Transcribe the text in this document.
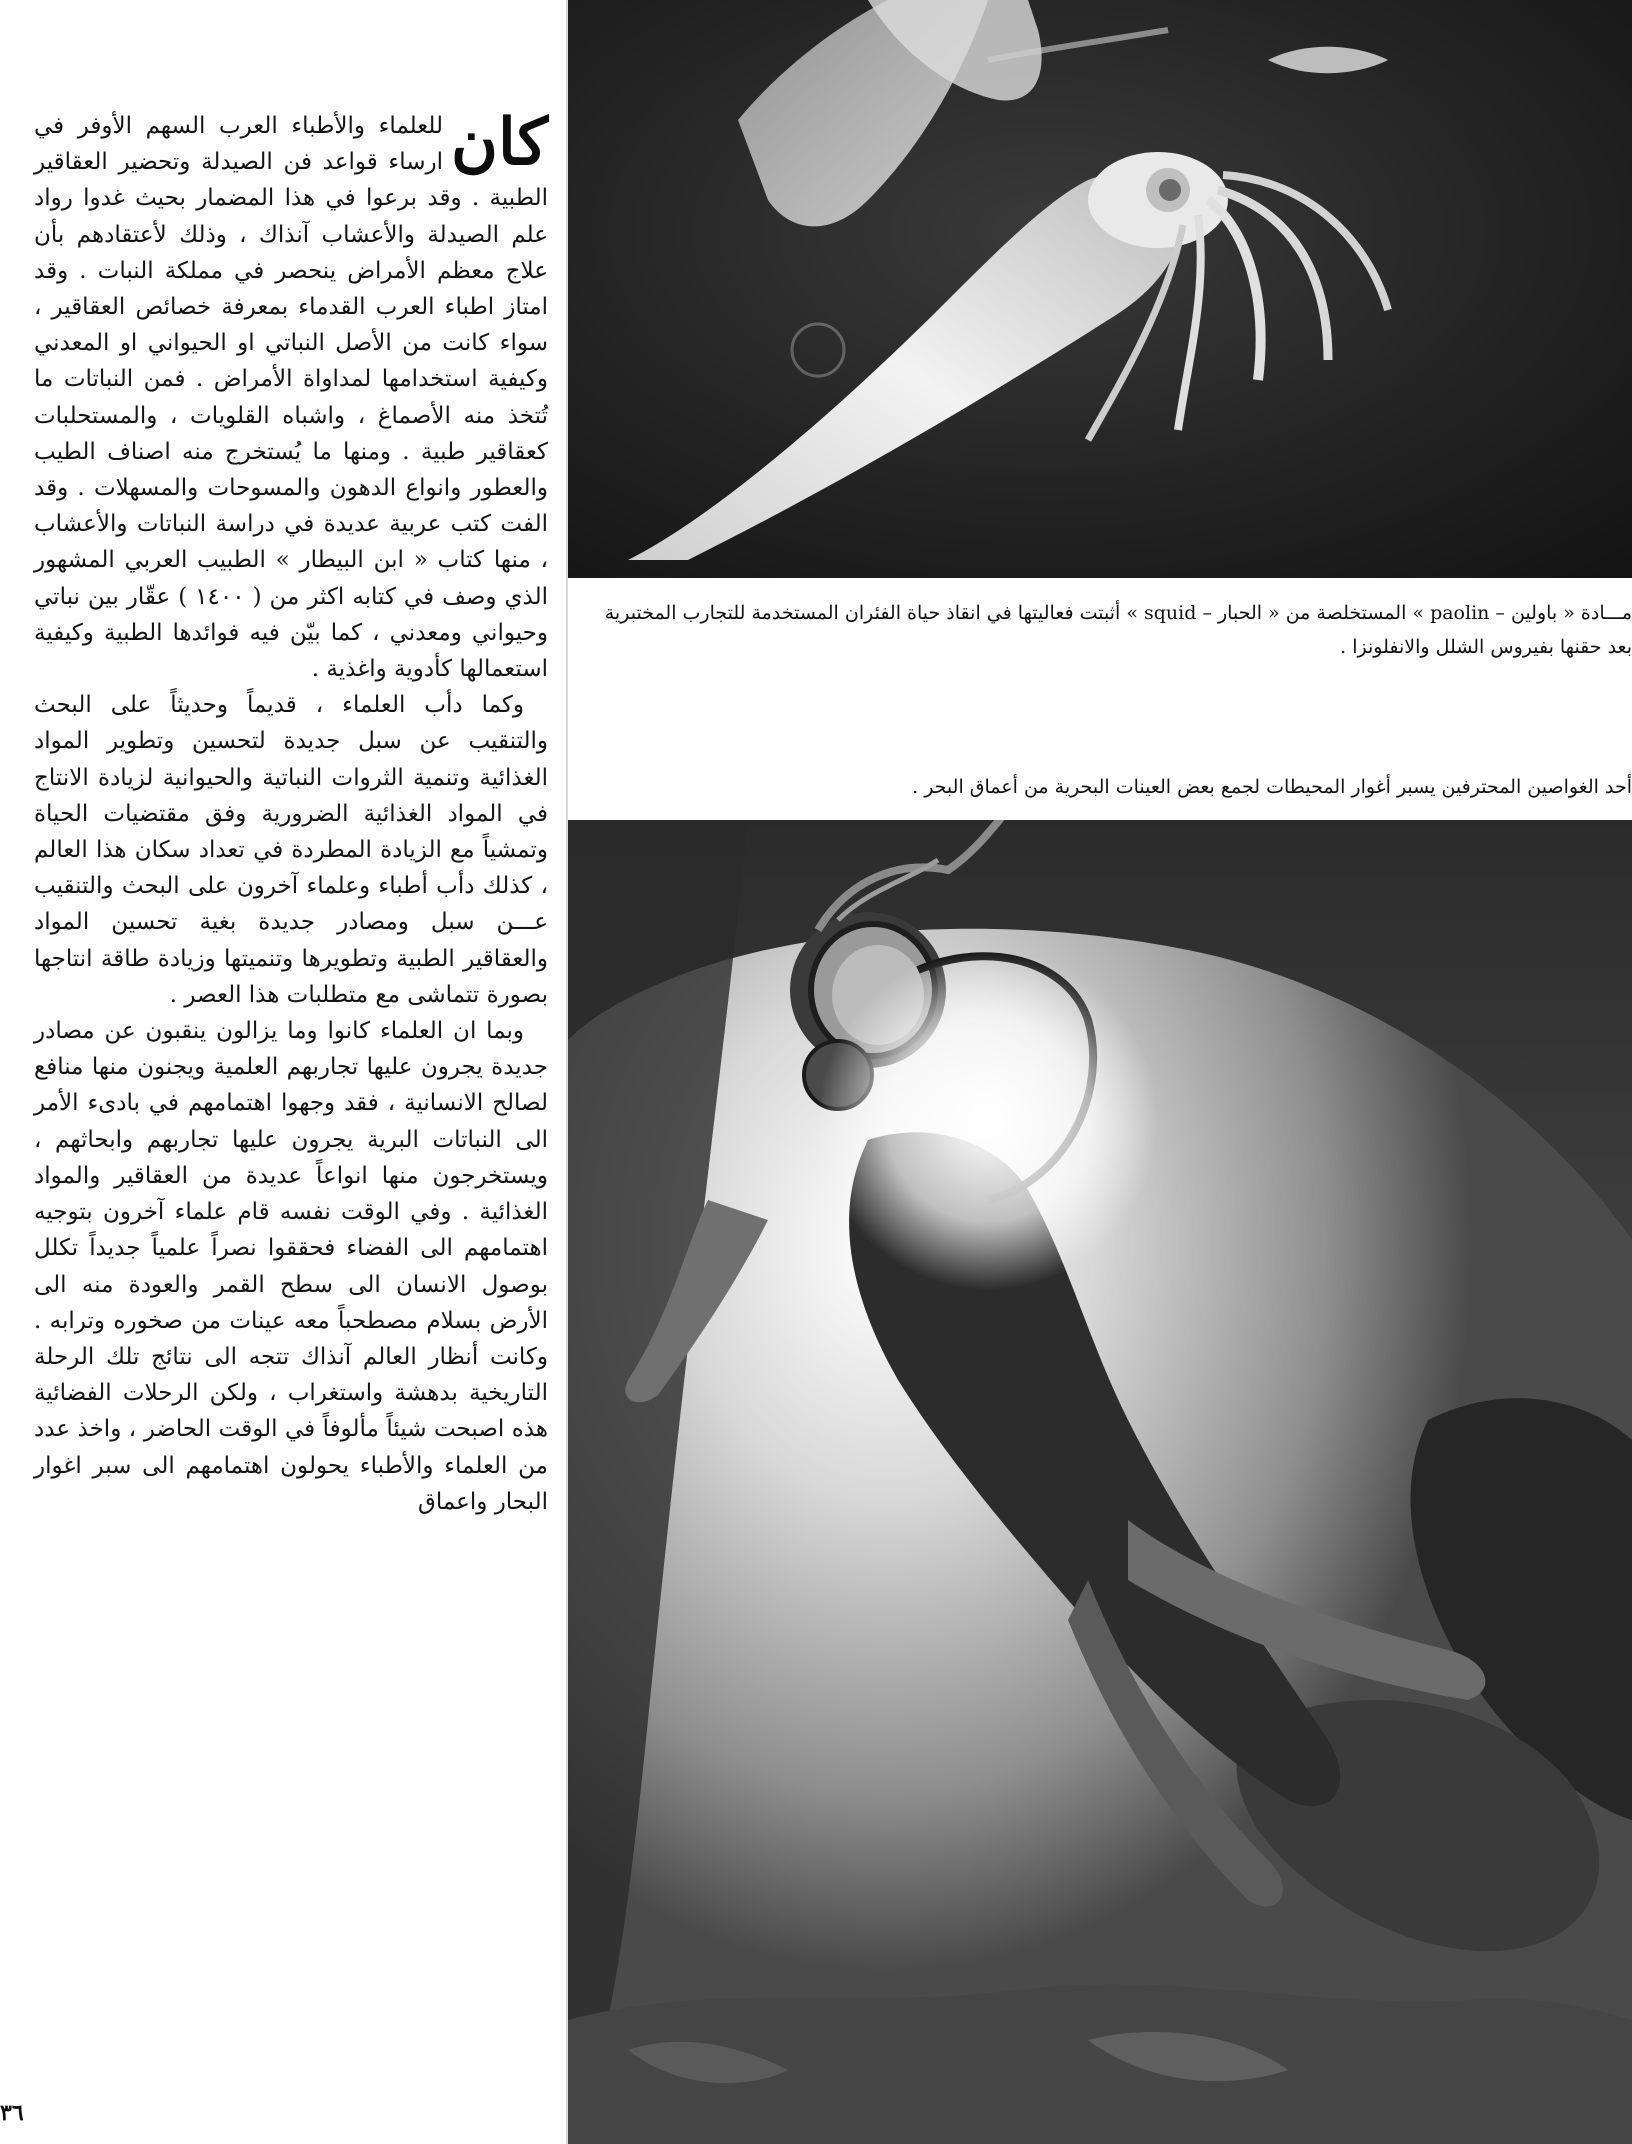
كان
للعلماء والأطباء العرب السهم الأوفر في ارساء قواعد فن الصيدلة وتحضير العقاقير الطبية . وقد برعوا في هذا المضمار بحيث غدوا رواد علم الصيدلة والأعشاب آنذاك ، وذلك لأعتقادهم بأن علاج معظم الأمراض ينحصر في مملكة النبات . وقد امتاز اطباء العرب القدماء بمعرفة خصائص العقاقير ، سواء كانت من الأصل النباتي او الحيواني او المعدني وكيفية استخدامها لمداواة الأمراض . فمن النباتات ما تُتخذ منه الأصماغ ، واشباه القلويات ، والمستحلبات كعقاقير طبية . ومنها ما يُستخرج منه اصناف الطيب والعطور وانواع الدهون والمسوحات والمسهلات . وقد الفت كتب عربية عديدة في دراسة النباتات والأعشاب ، منها كتاب « ابن البيطار » الطبيب العربي المشهور الذي وصف في كتابه اكثر من ( ١٤٠٠ ) عقّار بين نباتي وحيواني ومعدني ، كما بيّن فيه فوائدها الطبية وكيفية استعمالها كأدوية واغذية .

وكما دأب العلماء ، قديماً وحديثاً على البحث والتنقيب عن سبل جديدة لتحسين وتطوير المواد الغذائية وتنمية الثروات النباتية والحيوانية لزيادة الانتاج في المواد الغذائية الضرورية وفق مقتضيات الحياة وتمشياً مع الزيادة المطردة في تعداد سكان هذا العالم ، كذلك دأب أطباء وعلماء آخرون على البحث والتنقيب عـــن سبل ومصادر جديدة بغية تحسين المواد والعقاقير الطبية وتطويرها وتنميتها وزيادة طاقة انتاجها بصورة تتماشى مع متطلبات هذا العصر .

وبما ان العلماء كانوا وما يزالون ينقبون عن مصادر جديدة يجرون عليها تجاربهم العلمية ويجنون منها منافع لصالح الانسانية ، فقد وجهوا اهتمامهم في بادىء الأمر الى النباتات البرية يجرون عليها تجاربهم وابحاثهم ، ويستخرجون منها انواعاً عديدة من العقاقير والمواد الغذائية . وفي الوقت نفسه قام علماء آخرون بتوجيه اهتمامهم الى الفضاء فحققوا نصراً علمياً جديداً تكلل بوصول الانسان الى سطح القمر والعودة منه الى الأرض بسلام مصطحباً معه عينات من صخوره وترابه . وكانت أنظار العالم آنذاك تتجه الى نتائج تلك الرحلة التاريخية بدهشة واستغراب ، ولكن الرحلات الفضائية هذه اصبحت شيئاً مألوفاً في الوقت الحاضر ، واخذ عدد من العلماء والأطباء يحولون اهتمامهم الى سبر اغوار البحار واعماق

مـــادة « باولين – paolin » المستخلصة من « الحبار – squid » أثبتت فعاليتها في انقاذ حياة الفئران المستخدمة للتجارب المختبرية بعد حقنها بفيروس الشلل والانفلونزا .
أحد الغواصين المحترفين يسبر أغوار المحيطات لجمع بعض العينات البحرية من أعماق البحر .
٣٦
